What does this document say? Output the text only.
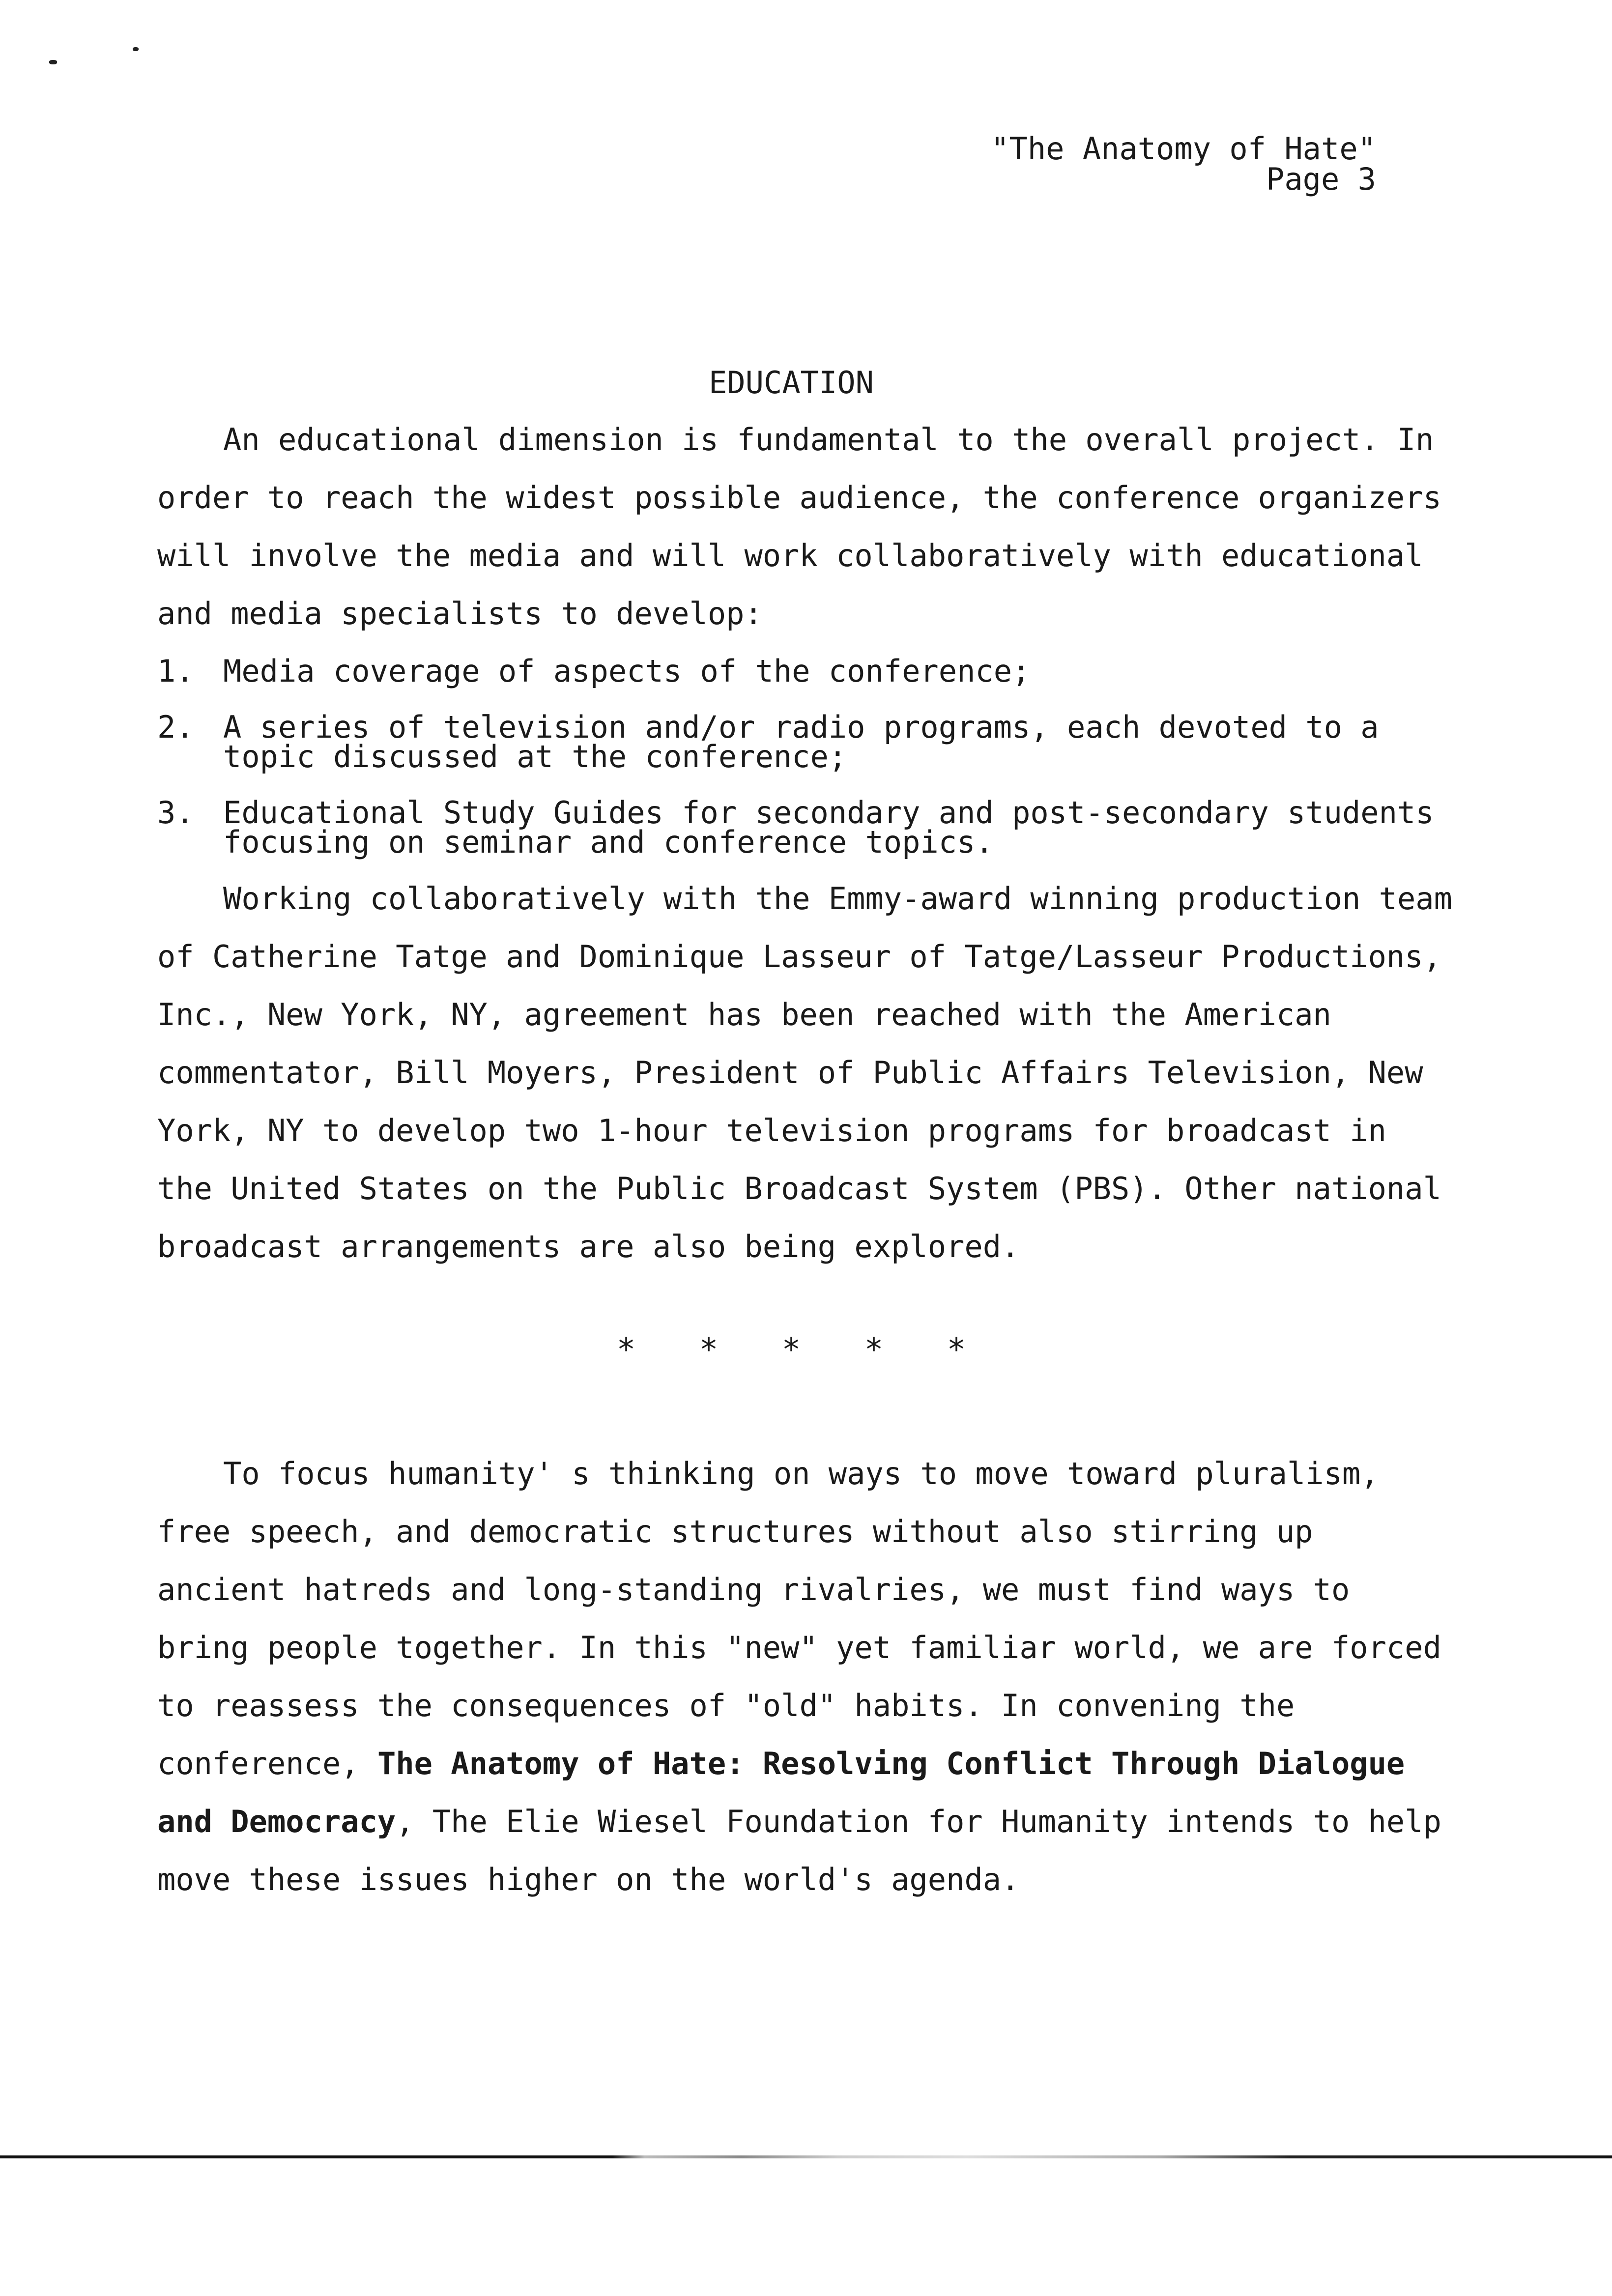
"The Anatomy of Hate"
Page 3
EDUCATION

An educational dimension is fundamental to the overall project. In order to reach the widest possible audience, the conference organizers will involve the media and will work collaboratively with educational and media specialists to develop:

1. Media coverage of aspects of the conference;
2. A series of television and/or radio programs, each devoted to a topic discussed at the conference;
3. Educational Study Guides for secondary and post-secondary students focusing on seminar and conference topics.

Working collaboratively with the Emmy-award winning production team of Catherine Tatge and Dominique Lasseur of Tatge/Lasseur Productions, Inc., New York, NY, agreement has been reached with the American commentator, Bill Moyers, President of Public Affairs Television, New York, NY to develop two 1-hour television programs for broadcast in the United States on the Public Broadcast System (PBS). Other national broadcast arrangements are also being explored.

* * * * *

To focus humanity' s thinking on ways to move toward pluralism, free speech, and democratic structures without also stirring up ancient hatreds and long-standing rivalries, we must find ways to bring people together. In this "new" yet familiar world, we are forced to reassess the consequences of "old" habits. In convening the conference, The Anatomy of Hate: Resolving Conflict Through Dialogue and Democracy, The Elie Wiesel Foundation for Humanity intends to help move these issues higher on the world's agenda.
